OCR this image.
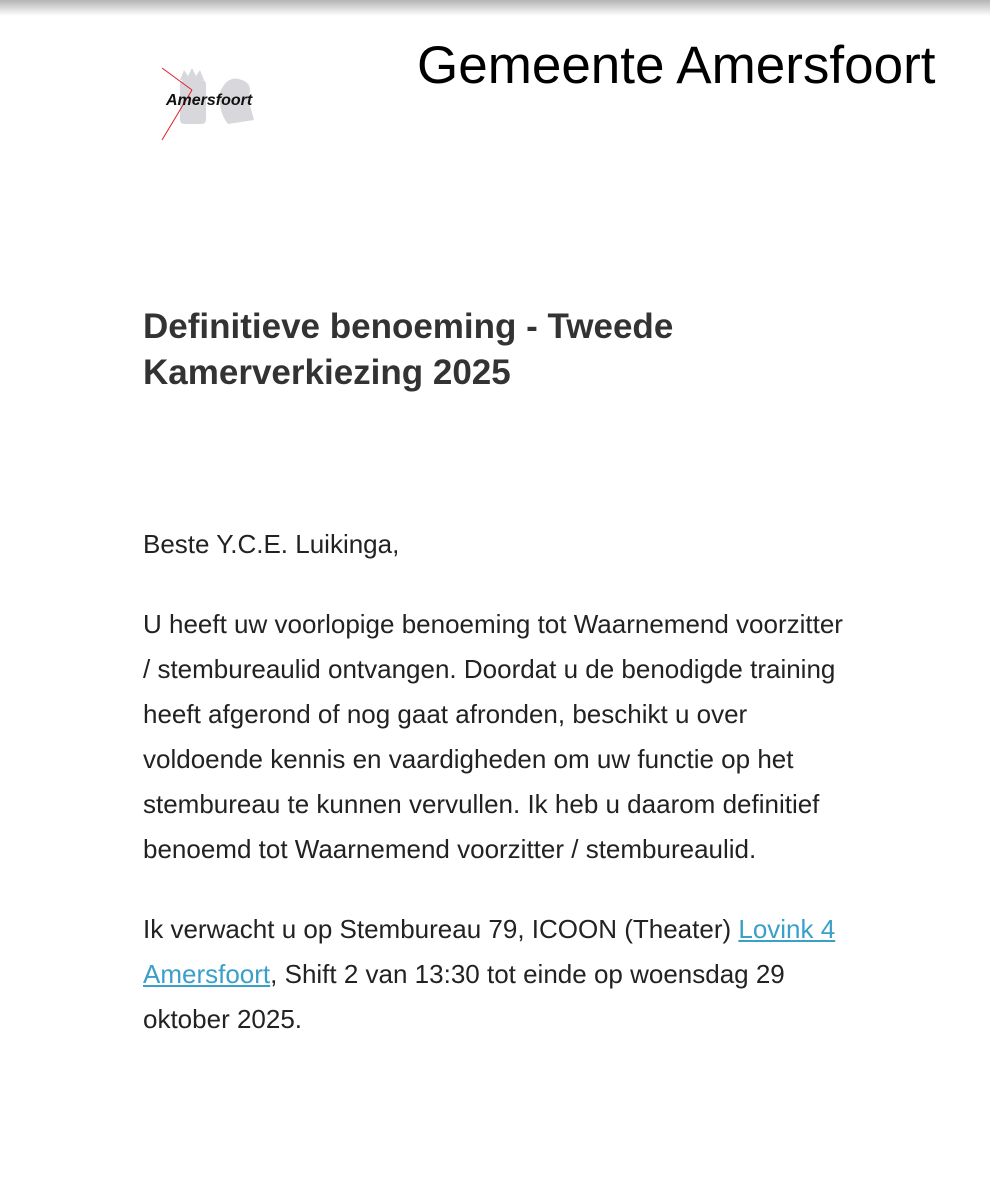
Amersfoort
Gemeente Amersfoort
Definitieve benoeming - Tweede Kamerverkiezing 2025

Beste Y.C.E. Luikinga,

U heeft uw voorlopige benoeming tot Waarnemend voorzitter / stembureaulid ontvangen. Doordat u de benodigde training heeft afgerond of nog gaat afronden, beschikt u over voldoende kennis en vaardigheden om uw functie op het stembureau te kunnen vervullen. Ik heb u daarom definitief benoemd tot Waarnemend voorzitter / stembureaulid.

Ik verwacht u op Stembureau 79, ICOON (Theater) Lovink 4 Amersfoort, Shift 2 van 13:30 tot einde op woensdag 29 oktober 2025.
